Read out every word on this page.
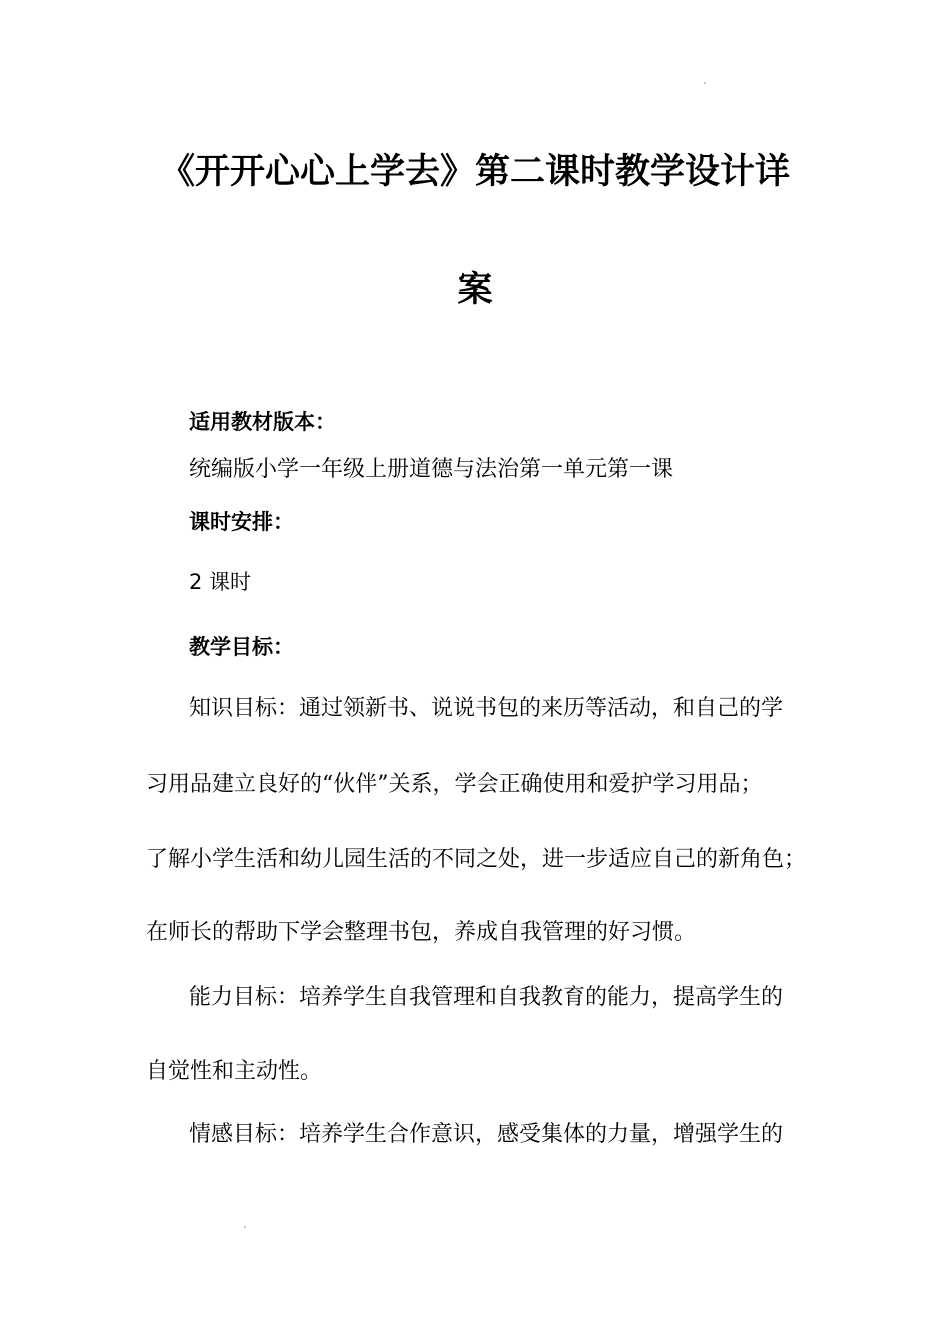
《开开心心上学去》第二课时教学设计详
案

适用教材版本：

统编版小学一年级上册道德与法治第一单元第一课

课时安排：

2 课时

教学目标：

知识目标：通过领新书、说说书包的来历等活动，和自己的学

习用品建立良好的“伙伴”关系，学会正确使用和爱护学习用品；

了解小学生活和幼儿园生活的不同之处，进一步适应自己的新角色；

在师长的帮助下学会整理书包，养成自我管理的好习惯。

能力目标：培养学生自我管理和自我教育的能力，提高学生的

自觉性和主动性。

情感目标：培养学生合作意识，感受集体的力量，增强学生的
